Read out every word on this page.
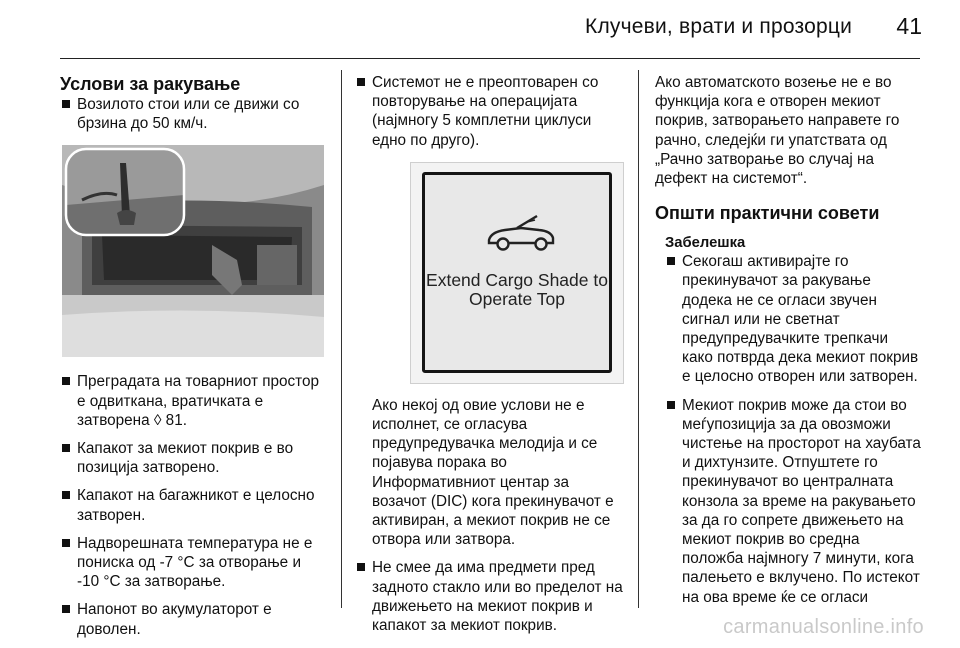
Клучеви, врати и прозорци 41
Услови за ракување
Возилото стои или се движи со брзина до 50 км/ч.
Преградата на товарниот простор е одвиткана, вратичката е затворена ◊ 81.
Капакот за мекиот покрив е во позиција затворено.
Капакот на багажникот е целосно затворен.
Надворешната температура не е пониска од -7 °C за отворање и -10 °C за затворање.
Напонот во акумулаторот е доволен.
Системот не е преоптоварен со повторување на операцијата (најмногу 5 комплетни циклуси едно по друго).
Extend Cargo Shade to Operate Top

Ако некој од овие услови не е исполнет, се огласува предупредувачка мелодија и се појавува порака во Информативниот центар за возачот (DIC) кога прекинувачот е активиран, а мекиот покрив не се отвора или затвора.

Не смее да има предмети пред задното стакло или во пределот на движењето на мекиот покрив и капакот за мекиот покрив.

Ако автоматското возење не е во функција кога е отворен мекиот покрив, затворањето направете го рачно, следејќи ги упатствата од „Рачно затворање во случај на дефект на системот“.

Општи практични совети
Забелешка
Секогаш активирајте го прекинувачот за ракување додека не се огласи звучен сигнал или не светнат предупредувачките трепкачи како потврда дека мекиот покрив е целосно отворен или затворен.
Мекиот покрив може да стои во меѓупозиција за да овозможи чистење на просторот на хаубата и дихтунзите. Отпуштете го прекинувачот во централната конзола за време на ракувањето за да го сопрете движењето на мекиот покрив во средна положба најмногу 7 минути, кога палењето е вклучено. По истекот на ова време ќе се огласи
carmanualsonline.info
